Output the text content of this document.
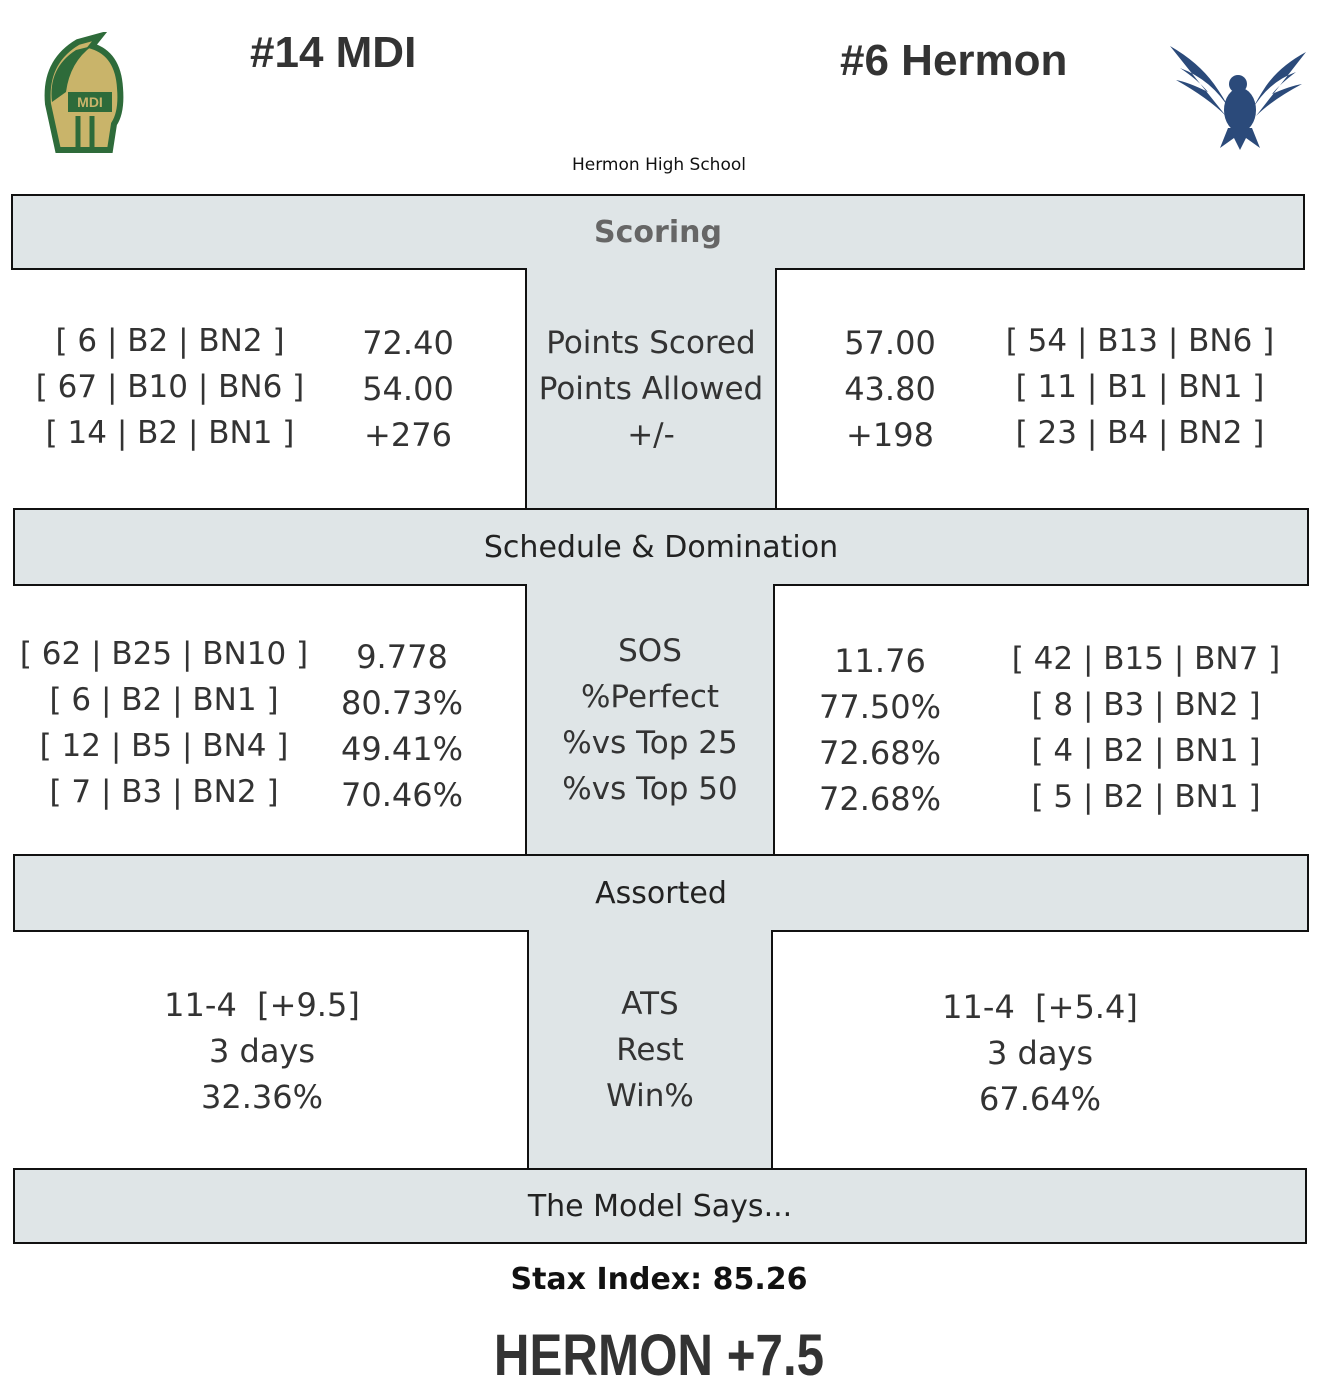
MDI
#14 MDI	#6 Hermon
Hermon High School
Scoring
Points Scored
Points Allowed
+/-
[ 6 | B2 | BN2 ]
[ 67 | B10 | BN6 ]
[ 14 | B2 | BN1 ]
72.40
54.00
+276
57.00
43.80
+198
[ 54 | B13 | BN6 ]
[ 11 | B1 | BN1 ]
[ 23 | B4 | BN2 ]
Schedule & Domination
SOS
%Perfect
%vs Top 25
%vs Top 50
[ 62 | B25 | BN10 ]
[ 6 | B2 | BN1 ]
[ 12 | B5 | BN4 ]
[ 7 | B3 | BN2 ]
9.778
80.73%
49.41%
70.46%
11.76
77.50%
72.68%
72.68%
[ 42 | B15 | BN7 ]
[ 8 | B3 | BN2 ]
[ 4 | B2 | BN1 ]
[ 5 | B2 | BN1 ]
Assorted
ATS
Rest
Win%
11-4  [+9.5]
3 days
32.36%
11-4  [+5.4]
3 days
67.64%
The Model Says...
Stax Index: 85.26
HERMON +7.5
